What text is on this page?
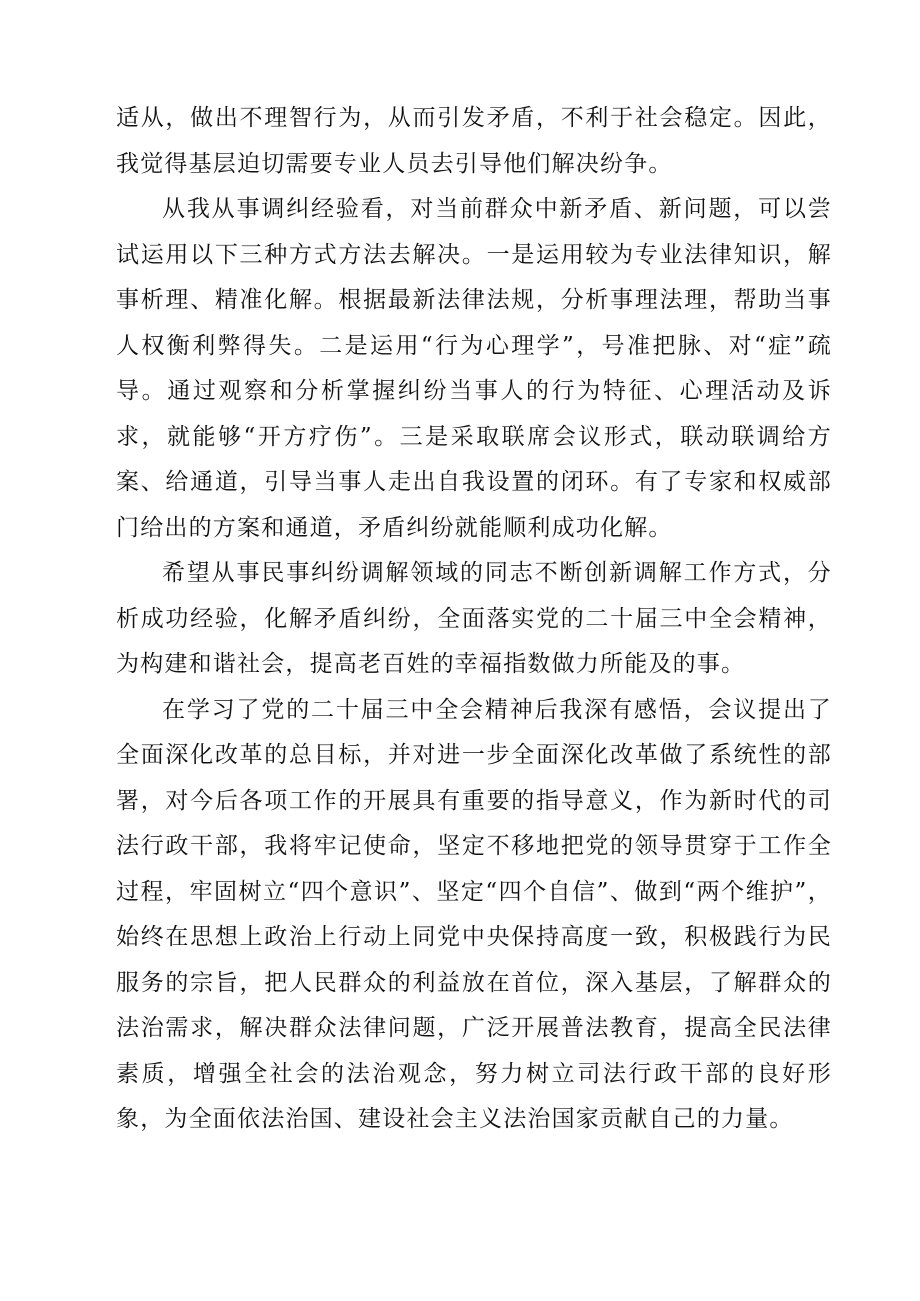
适从，做出不理智行为，从而引发矛盾，不利于社会稳定。因此，我觉得基层迫切需要专业人员去引导他们解决纷争。

从我从事调纠经验看，对当前群众中新矛盾、新问题，可以尝试运用以下三种方式方法去解决。一是运用较为专业法律知识，解事析理、精准化解。根据最新法律法规，分析事理法理，帮助当事人权衡利弊得失。二是运用“行为心理学”，号准把脉、对“症”疏导。通过观察和分析掌握纠纷当事人的行为特征、心理活动及诉求，就能够“开方疗伤”。三是采取联席会议形式，联动联调给方案、给通道，引导当事人走出自我设置的闭环。有了专家和权威部门给出的方案和通道，矛盾纠纷就能顺利成功化解。

希望从事民事纠纷调解领域的同志不断创新调解工作方式，分析成功经验，化解矛盾纠纷，全面落实党的二十届三中全会精神，为构建和谐社会，提高老百姓的幸福指数做力所能及的事。

在学习了党的二十届三中全会精神后我深有感悟，会议提出了全面深化改革的总目标，并对进一步全面深化改革做了系统性的部署，对今后各项工作的开展具有重要的指导意义，作为新时代的司法行政干部，我将牢记使命，坚定不移地把党的领导贯穿于工作全过程，牢固树立“四个意识”、坚定“四个自信”、做到“两个维护”，始终在思想上政治上行动上同党中央保持高度一致，积极践行为民服务的宗旨，把人民群众的利益放在首位，深入基层，了解群众的法治需求，解决群众法律问题，广泛开展普法教育，提高全民法律素质，增强全社会的法治观念，努力树立司法行政干部的良好形象，为全面依法治国、建设社会主义法治国家贡献自己的力量。
